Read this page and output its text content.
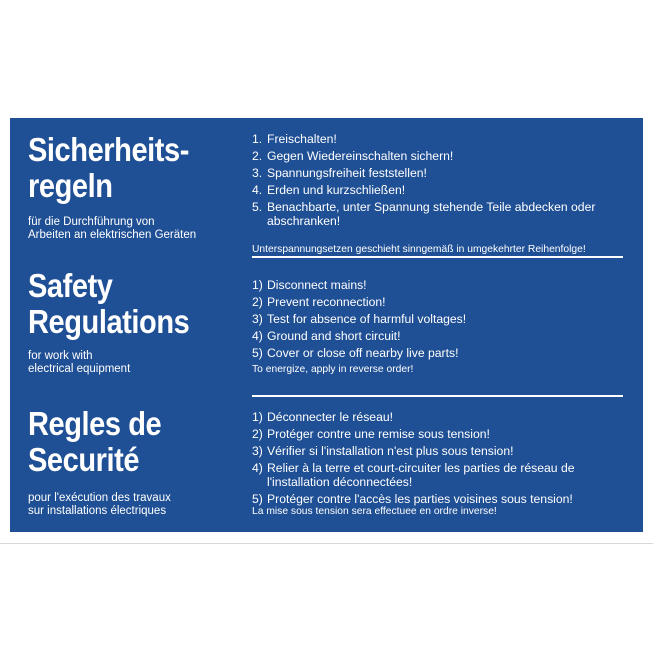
Sicherheits-
regeln
für die Durchführung von
Arbeiten an elektrischen Geräten
1. Freischalten!
2. Gegen Wiedereinschalten sichern!
3. Spannungsfreiheit feststellen!
4. Erden und kurzschließen!
5. Benachbarte, unter Spannung stehende Teile abdecken oder abschranken!
Unterspannungsetzen geschieht sinngemäß in umgekehrter Reihenfolge!
Safety
Regulations
for work with
electrical equipment
1) Disconnect mains!
2) Prevent reconnection!
3) Test for absence of harmful voltages!
4) Ground and short circuit!
5) Cover or close off nearby live parts!
To energize, apply in reverse order!
Regles de
Securité
pour l'exécution des travaux
sur installations électriques
1) Déconnecter le réseau!
2) Protéger contre une remise sous tension!
3) Vérifier si l'installation n'est plus sous tension!
4) Relier à la terre et court-circuiter les parties de réseau de l'installation déconnectées!
5) Protéger contre l'accès les parties voisines sous tension!
La mise sous tension sera effectuee en ordre inverse!
